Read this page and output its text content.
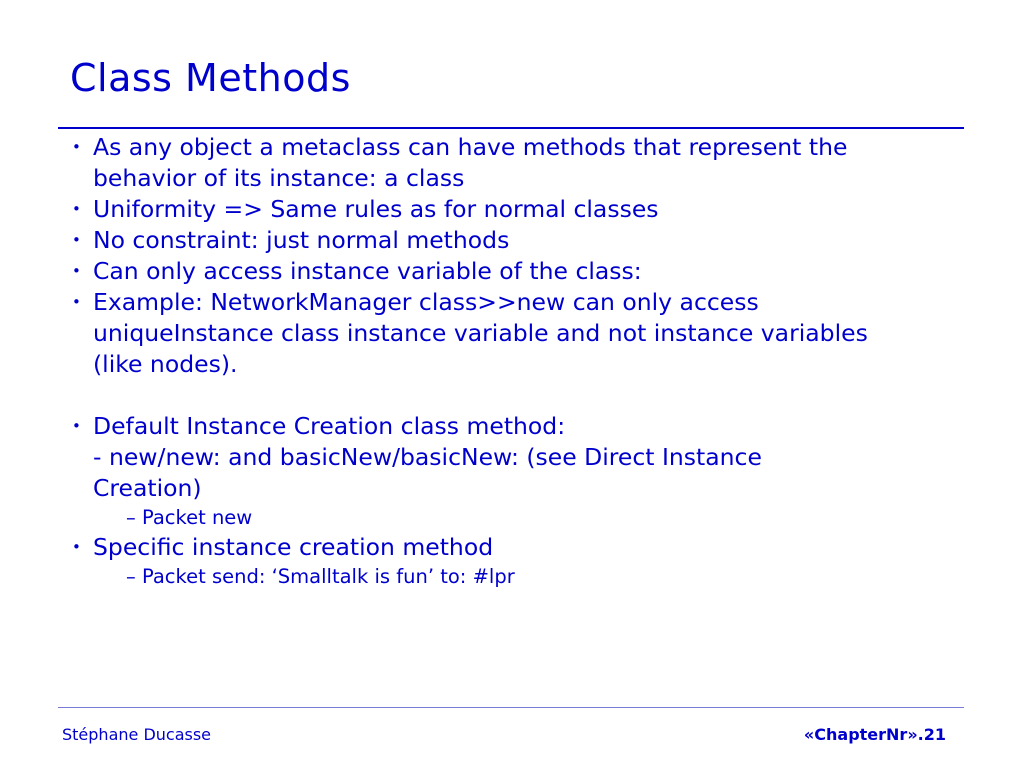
Class Methods
• As any object a metaclass can have methods that represent the
behavior of its instance: a class
• Uniformity => Same rules as for normal classes
• No constraint: just normal methods
• Can only access instance variable of the class:
• Example: NetworkManager class>>new can only access
uniqueInstance class instance variable and not instance variables
(like nodes).
• Default Instance Creation class method:
- new/new: and basicNew/basicNew: (see Direct Instance
Creation)
– Packet new
• Specific instance creation method
– Packet send: ‘Smalltalk is fun’ to: #lpr
Stéphane Ducasse	«ChapterNr».21
